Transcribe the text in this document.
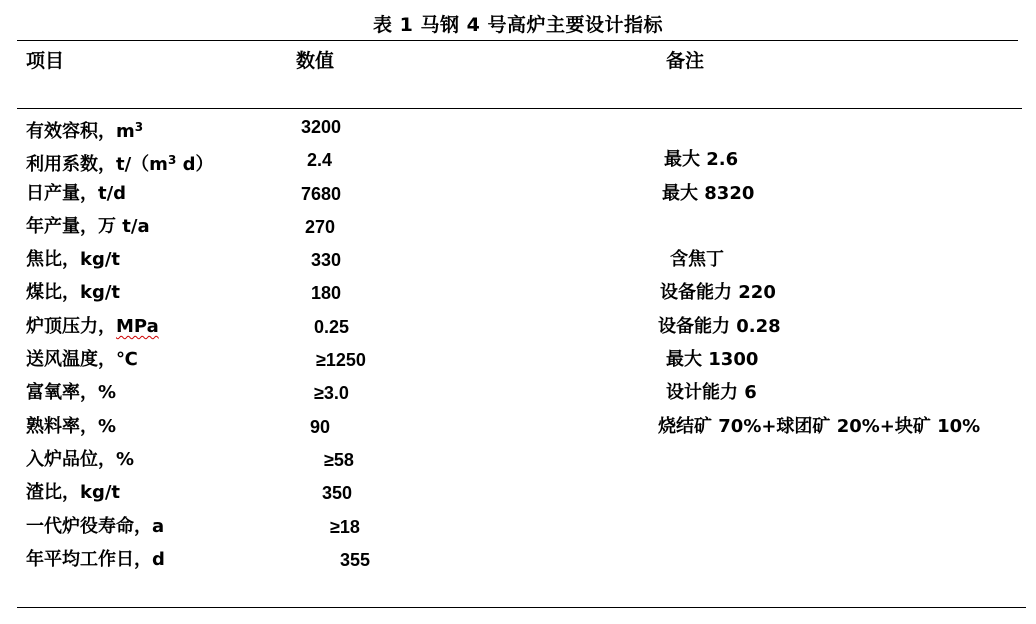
表 1 马钢 4 号高炉主要设计指标
项目	数值	备注
有效容积，$m^3$	3200
利用系数，$t/(m^3$ d）	2.4	最大 2.6
日产量，t/d	7680	最大 8320
年产量，万 t/a	270
焦比，kg/t	330	含焦丁
煤比，kg/t	180	设备能力 220
炉顶压力，MPa	0.25	设备能力 0.28
送风温度，℃	≥1250	最大 1300
富氧率，%	≥3.0	设计能力 6
熟料率，%	90	烧结矿 70%+球团矿 20%+块矿 10%
入炉品位，%	≥58
渣比，kg/t	350
一代炉役寿命，a	≥18
年平均工作日，d	355
